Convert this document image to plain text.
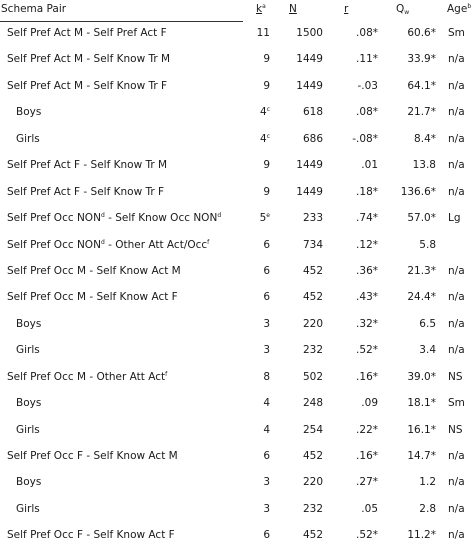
Schema Pair	$k^a$ N	r	$Q_w$	Age$^b$
Self Pref Act M - Self Pref Act F	11	1500	.08*	60.6* Sm
Self Pref Act M - Self Know Tr M	9	1449	.11*	33.9* n/a
Self Pref Act M - Self Know Tr F	9	1449	-.03	64.1* n/a
Boys	4$^c$	618	.08*	21.7* n/a
Girls	4$^c$	686	-.08*	8.4* n/a
Self Pref Act F - Self Know Tr M	9	1449	.01	13.8 n/a
Self Pref Act F - Self Know Tr F	9	1449	.18*	136.6* n/a
Self Pref Occ NON$^d$ - Self Know Occ NON$^d$	5e	233	.74*	57.0* Lg
Self Pref Occ NON$^d$ - Other Att Act/Occ$^f$	6	734	.12*	5.8
Self Pref Occ M - Self Know Act M	6	452	.36*	21.3* n/a
Self Pref Occ M - Self Know Act F	6	452	.43*	24.4* n/a
Boys	3	220	.32*	6.5 n/a
Girls	3	232	.52*	3.4 n/a
Self Pref Occ M - Other Att Act$^f$	8	502	.16*	39.0* NS
Boys	4	248	.09	18.1* Sm
Girls	4	254	.22*	16.1* NS
Self Pref Occ F - Self Know Act M	6	452	.16*	14.7* n/a
Boys	3	220	.27*	1.2 n/a
Girls	3	232	.05	2.8 n/a
Self Pref Occ F - Self Know Act F	6	452	.52*	11.2* n/a
